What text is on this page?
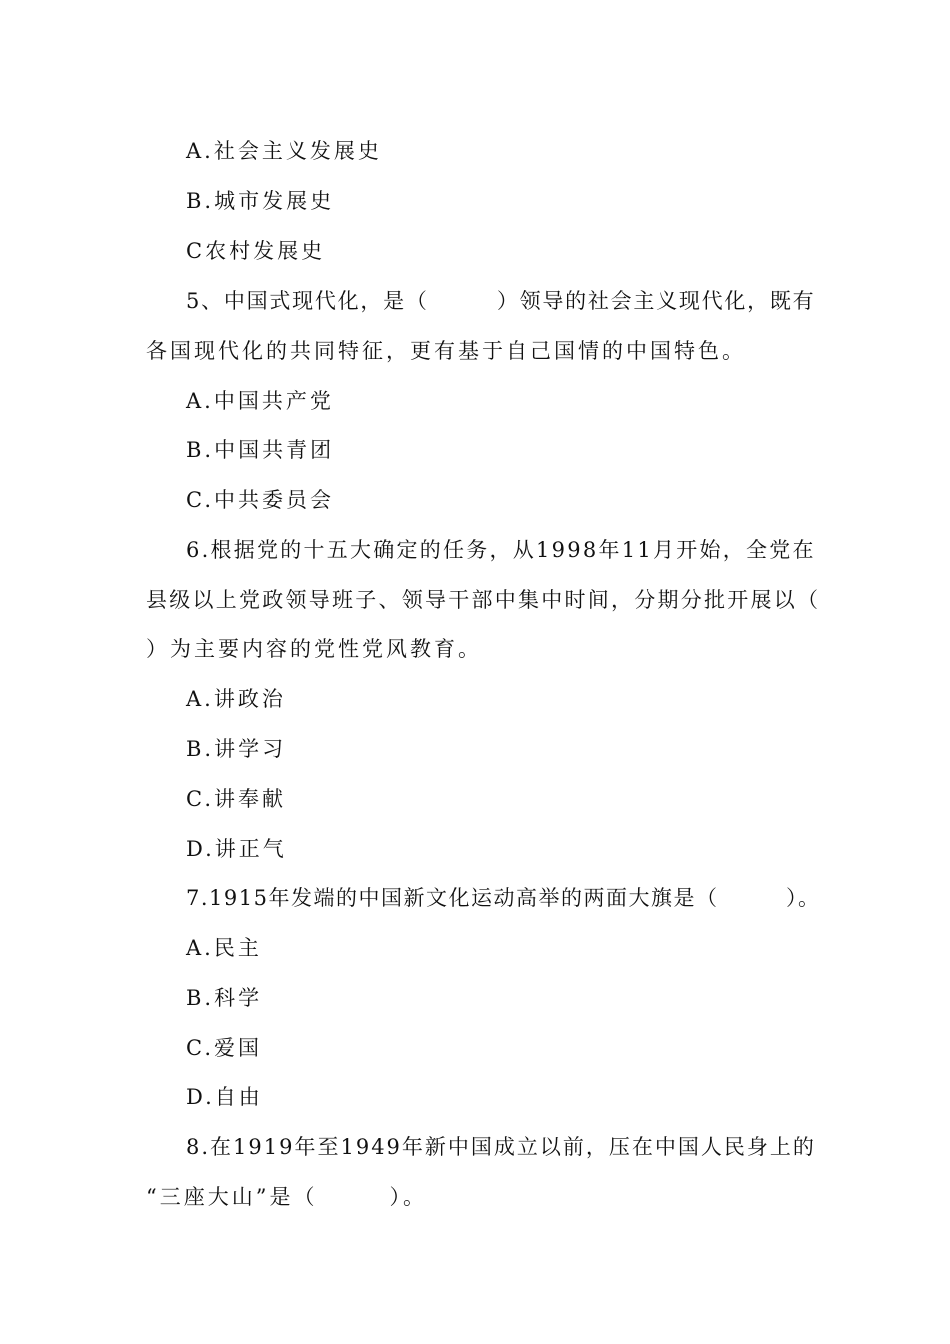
A.社会主义发展史
B.城市发展史
C农村发展史
5、中国式现代化，是（　　　）领导的社会主义现代化，既有
各国现代化的共同特征，更有基于自己国情的中国特色。
A.中国共产党
B.中国共青团
C.中共委员会
6.根据党的十五大确定的任务，从1998年11月开始，全党在
县级以上党政领导班子、领导干部中集中时间，分期分批开展以（
）为主要内容的党性党风教育。
A.讲政治
B.讲学习
C.讲奉献
D.讲正气
7.1915年发端的中国新文化运动高举的两面大旗是（　　　）。
A.民主
B.科学
C.爱国
D.自由
8.在1919年至1949年新中国成立以前，压在中国人民身上的
“三座大山”是（　　　）。
